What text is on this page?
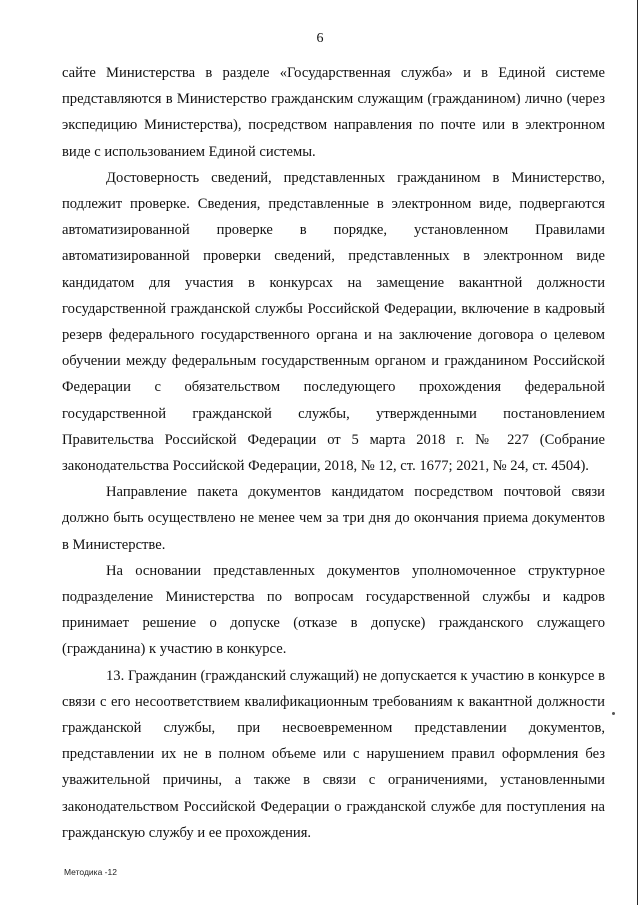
6

сайте Министерства в разделе «Государственная служба» и в Единой системе представляются в Министерство гражданским служащим (гражданином) лично (через экспедицию Министерства), посредством направления по почте или в электронном виде с использованием Единой системы.

Достоверность сведений, представленных гражданином в Министерство, подлежит проверке. Сведения, представленные в электронном виде, подвергаются автоматизированной проверке в порядке, установленном Правилами автоматизированной проверки сведений, представленных в электронном виде кандидатом для участия в конкурсах на замещение вакантной должности государственной гражданской службы Российской Федерации, включение в кадровый резерв федерального государственного органа и на заключение договора о целевом обучении между федеральным государственным органом и гражданином Российской Федерации с обязательством последующего прохождения федеральной государственной гражданской службы, утвержденными постановлением Правительства Российской Федерации от 5 марта 2018 г. № 227 (Собрание законодательства Российской Федерации, 2018, № 12, ст. 1677; 2021, № 24, ст. 4504).

Направление пакета документов кандидатом посредством почтовой связи должно быть осуществлено не менее чем за три дня до окончания приема документов в Министерстве.

На основании представленных документов уполномоченное структурное подразделение Министерства по вопросам государственной службы и кадров принимает решение о допуске (отказе в допуске) гражданского служащего (гражданина) к участию в конкурсе.

13. Гражданин (гражданский служащий) не допускается к участию в конкурсе в связи с его несоответствием квалификационным требованиям к вакантной должности гражданской службы, при несвоевременном представлении документов, представлении их не в полном объеме или с нарушением правил оформления без уважительной причины, а также в связи с ограничениями, установленными законодательством Российской Федерации о гражданской службе для поступления на гражданскую службу и ее прохождения.

Методика -12
